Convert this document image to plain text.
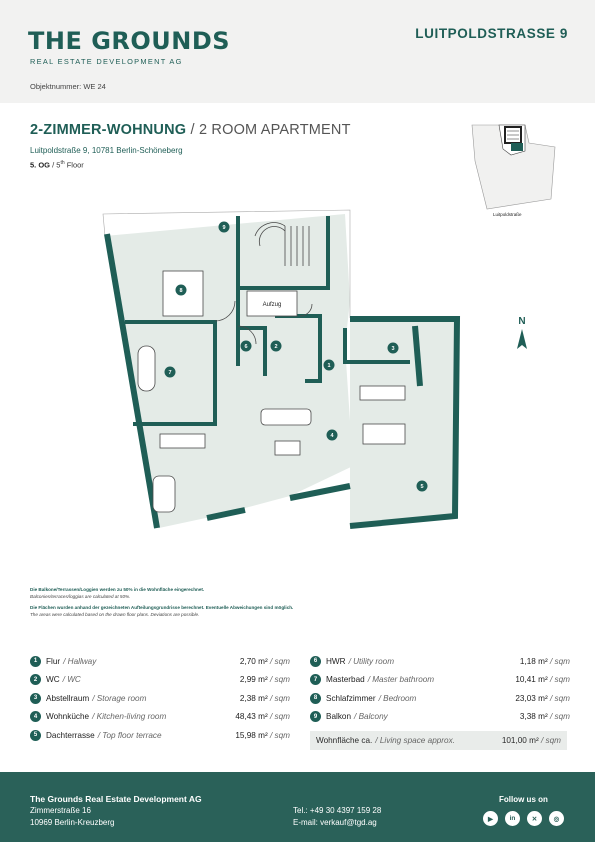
THE GROUNDS
REAL ESTATE DEVELOPMENT AG
LUITPOLDSTRASSE 9
Objektnummer: WE 24
2-ZIMMER-WOHNUNG / 2 ROOM APARTMENT
Luitpoldstraße 9, 10781 Berlin-Schöneberg
5. OG / 5th Floor
Luitpoldstraße
Aufzug
1
2	3
4
5
6
7
8
9
N
Die Balkone/Terrassen/Loggien werden zu 50% in die Wohnfläche eingerechnet.
Balconies/terraces/loggias are calculated at 50%.
Die Flächen wurden anhand der gezeichneten Aufteilungsgrundrisse berechnet. Eventuelle Abweichungen sind möglich.
The areas were calculated based on the drawn floor plans. Deviations are possible.
1	Flur / Hallway	2,70 m² / sqm
2	WC / WC	2,99 m² / sqm
3	Abstellraum / Storage room	2,38 m² / sqm
4	Wohnküche / Kitchen-living room	48,43 m² / sqm
5	Dachterrasse / Top floor terrace	15,98 m² / sqm
6	HWR / Utility room	1,18 m² / sqm
7	Masterbad / Master bathroom	10,41 m² / sqm
8	Schlafzimmer / Bedroom	23,03 m² / sqm
9	Balkon / Balcony	3,38 m² / sqm
Wohnfläche ca. / Living space approx.	101,00 m² / sqm
The Grounds Real Estate Development AG
Zimmerstraße 16
10969 Berlin-Kreuzberg
Tel.: +49 30 4397 159 28
E-mail: verkauf@tgd.ag
Follow us on
▶	in	✕	◎
